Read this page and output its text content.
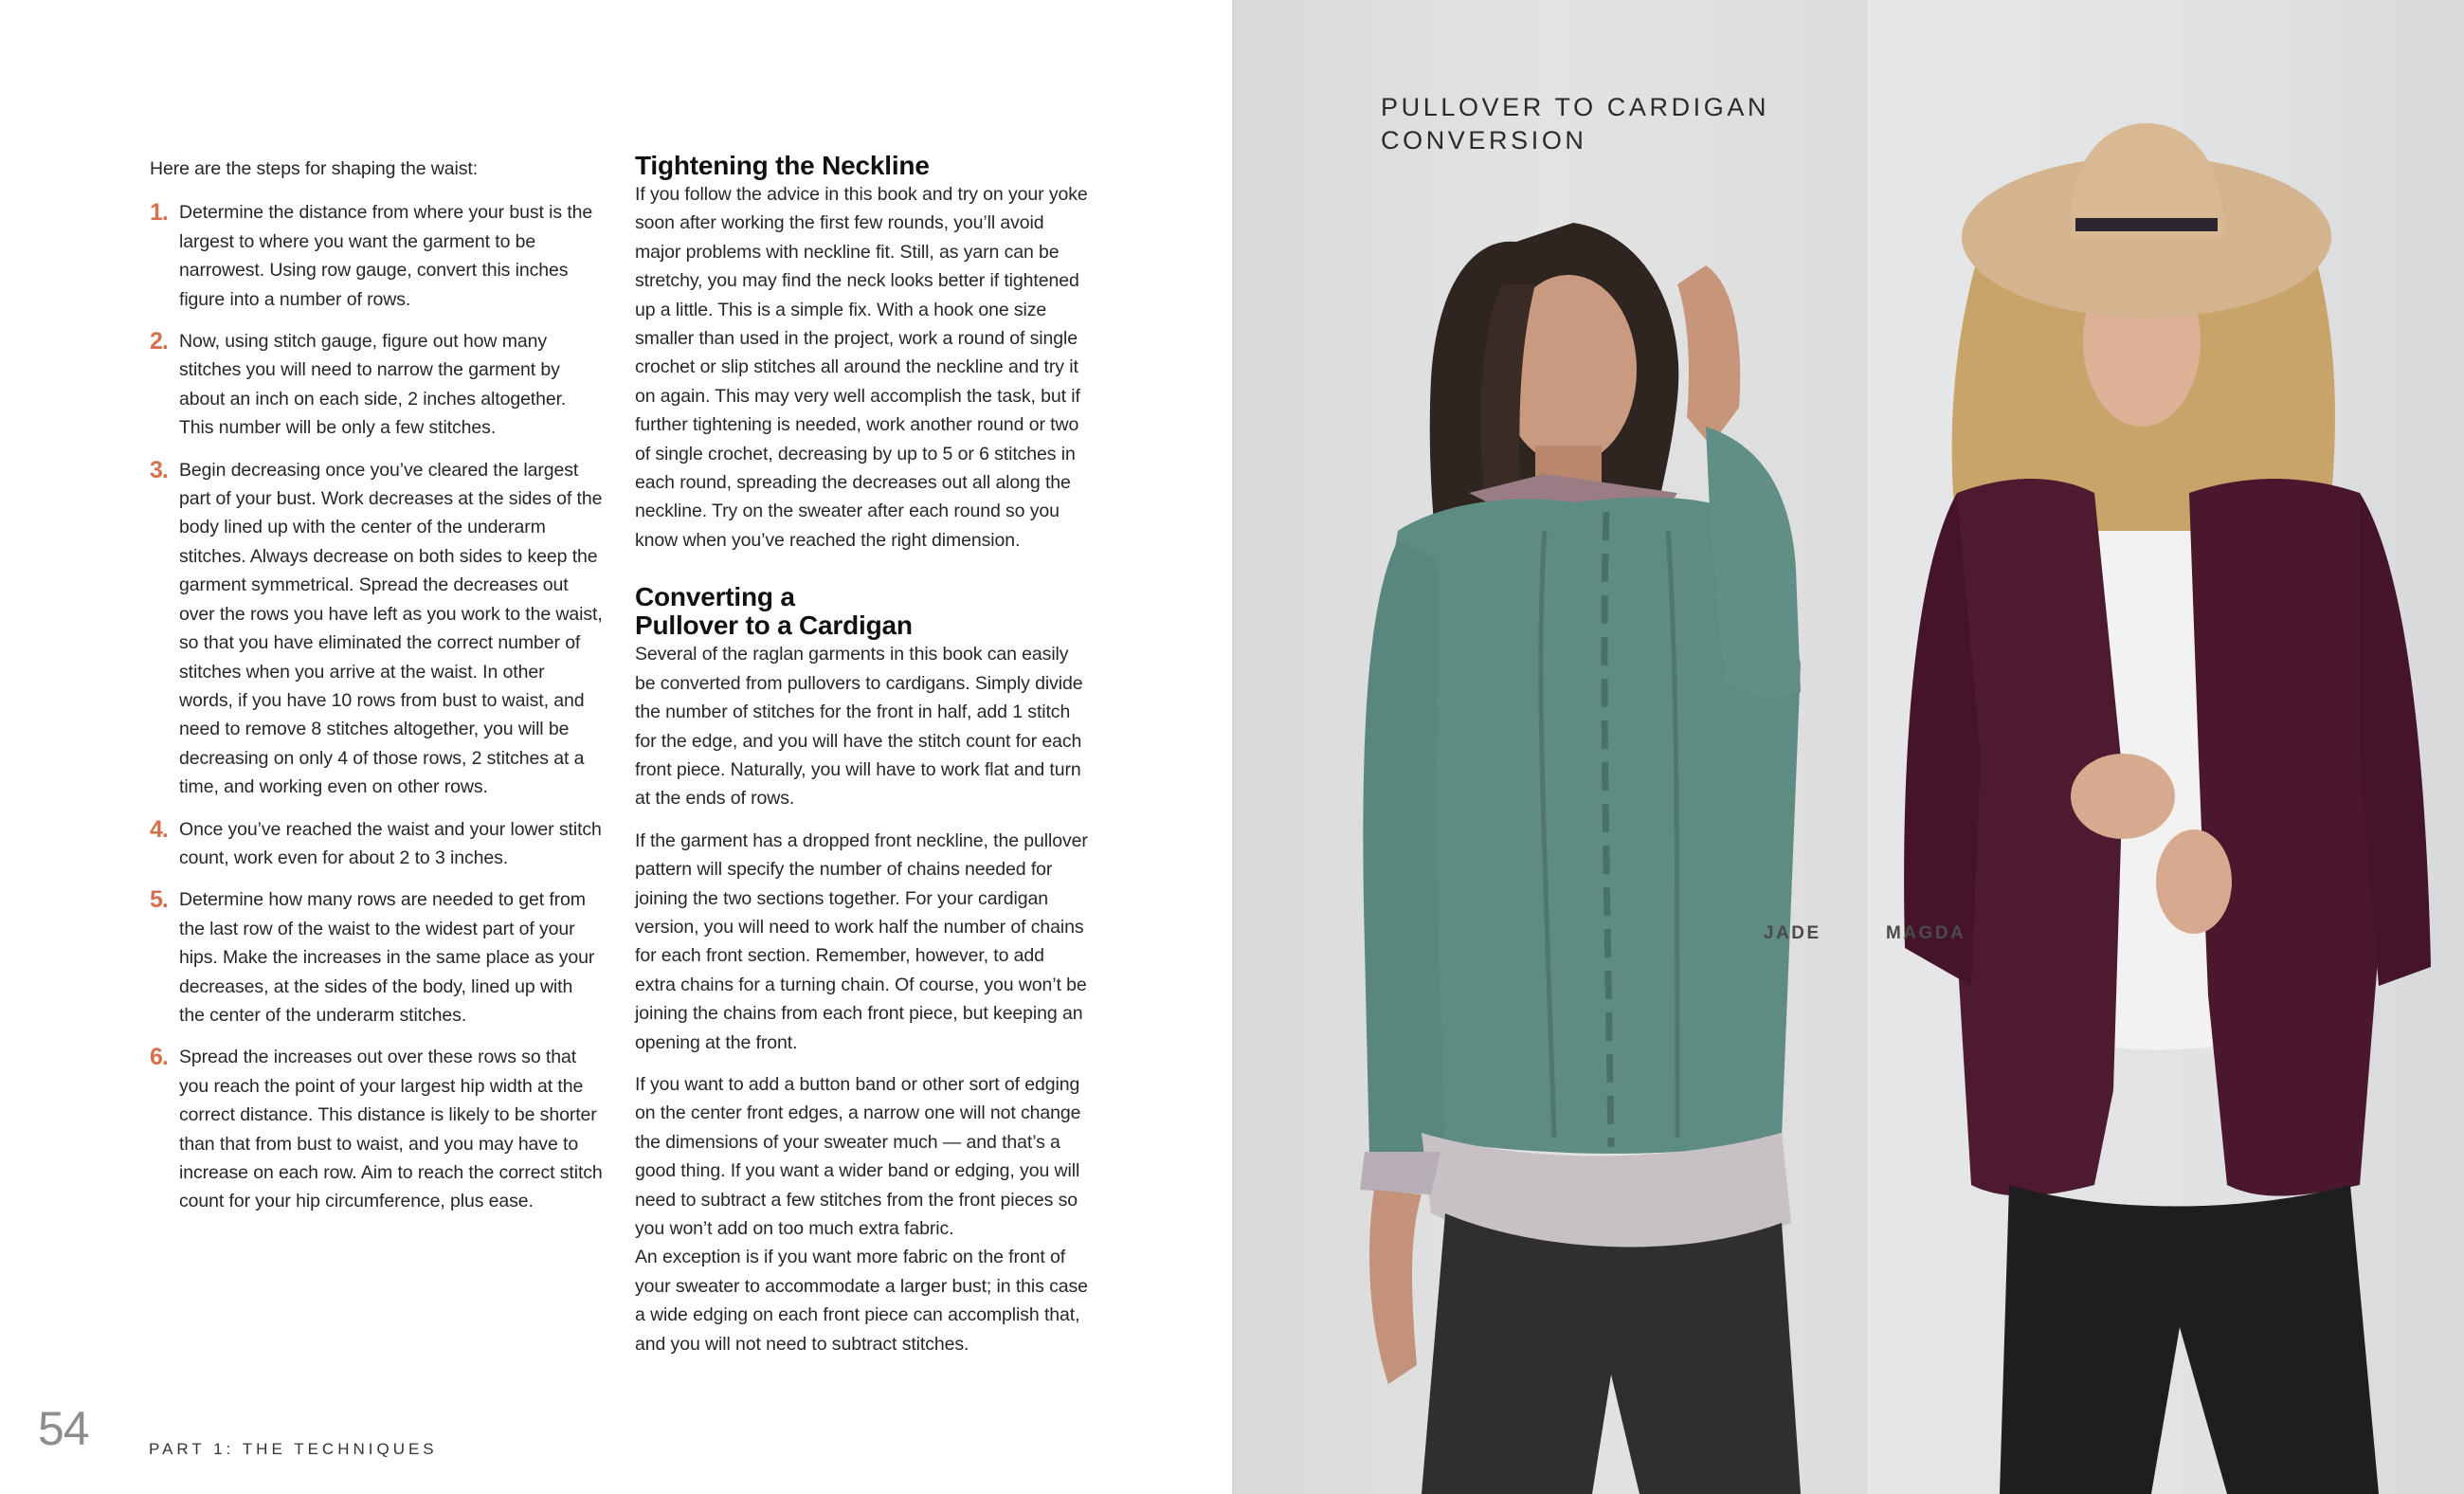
Here are the steps for shaping the waist:

1. Determine the distance from where your bust is the largest to where you want the garment to be narrowest. Using row gauge, convert this inches figure into a number of rows.
2. Now, using stitch gauge, figure out how many stitches you will need to narrow the garment by about an inch on each side, 2 inches altogether. This number will be only a few stitches.
3. Begin decreasing once you’ve cleared the largest part of your bust. Work decreases at the sides of the body lined up with the center of the underarm stitches. Always decrease on both sides to keep the garment symmetrical. Spread the decreases out over the rows you have left as you work to the waist, so that you have eliminated the correct number of stitches when you arrive at the waist. In other words, if you have 10 rows from bust to waist, and need to remove 8 stitches altogether, you will be decreasing on only 4 of those rows, 2 stitches at a time, and working even on other rows.
4. Once you’ve reached the waist and your lower stitch count, work even for about 2 to 3 inches.
5. Determine how many rows are needed to get from the last row of the waist to the widest part of your hips. Make the increases in the same place as your decreases, at the sides of the body, lined up with the center of the underarm stitches.
6. Spread the increases out over these rows so that you reach the point of your largest hip width at the correct distance. This distance is likely to be shorter than that from bust to waist, and you may have to increase on each row. Aim to reach the correct stitch count for your hip circumference, plus ease.
Tightening the Neckline

If you follow the advice in this book and try on your yoke soon after working the first few rounds, you’ll avoid major problems with neckline fit. Still, as yarn can be stretchy, you may find the neck looks better if tightened up a little. This is a simple fix. With a hook one size smaller than used in the project, work a round of single crochet or slip stitches all around the neckline and try it on again. This may very well accomplish the task, but if further tightening is needed, work another round or two of single crochet, decreasing by up to 5 or 6 stitches in each round, spreading the decreases out all along the neckline. Try on the sweater after each round so you know when you’ve reached the right dimension.

Converting a
Pullover to a Cardigan

Several of the raglan garments in this book can easily be converted from pullovers to cardigans. Simply divide the number of stitches for the front in half, add 1 stitch for the edge, and you will have the stitch count for each front piece. Naturally, you will have to work flat and turn at the ends of rows.

If the garment has a dropped front neckline, the pullover pattern will specify the number of chains needed for joining the two sections together. For your cardigan version, you will need to work half the number of chains for each front section. Remember, however, to add extra chains for a turning chain. Of course, you won’t be joining the chains from each front piece, but keeping an opening at the front.

If you want to add a button band or other sort of edging on the center front edges, a narrow one will not change the dimensions of your sweater much — and that’s a good thing. If you want a wider band or edging, you will need to subtract a few stitches from the front pieces so you won’t add on too much extra fabric.

An exception is if you want more fabric on the front of your sweater to accommodate a larger bust; in this case a wide edging on each front piece can accomplish that, and you will not need to subtract stitches.

54	PART 1: THE TECHNIQUES
PULLOVER TO CARDIGAN
CONVERSION
JADE	MAGDA
